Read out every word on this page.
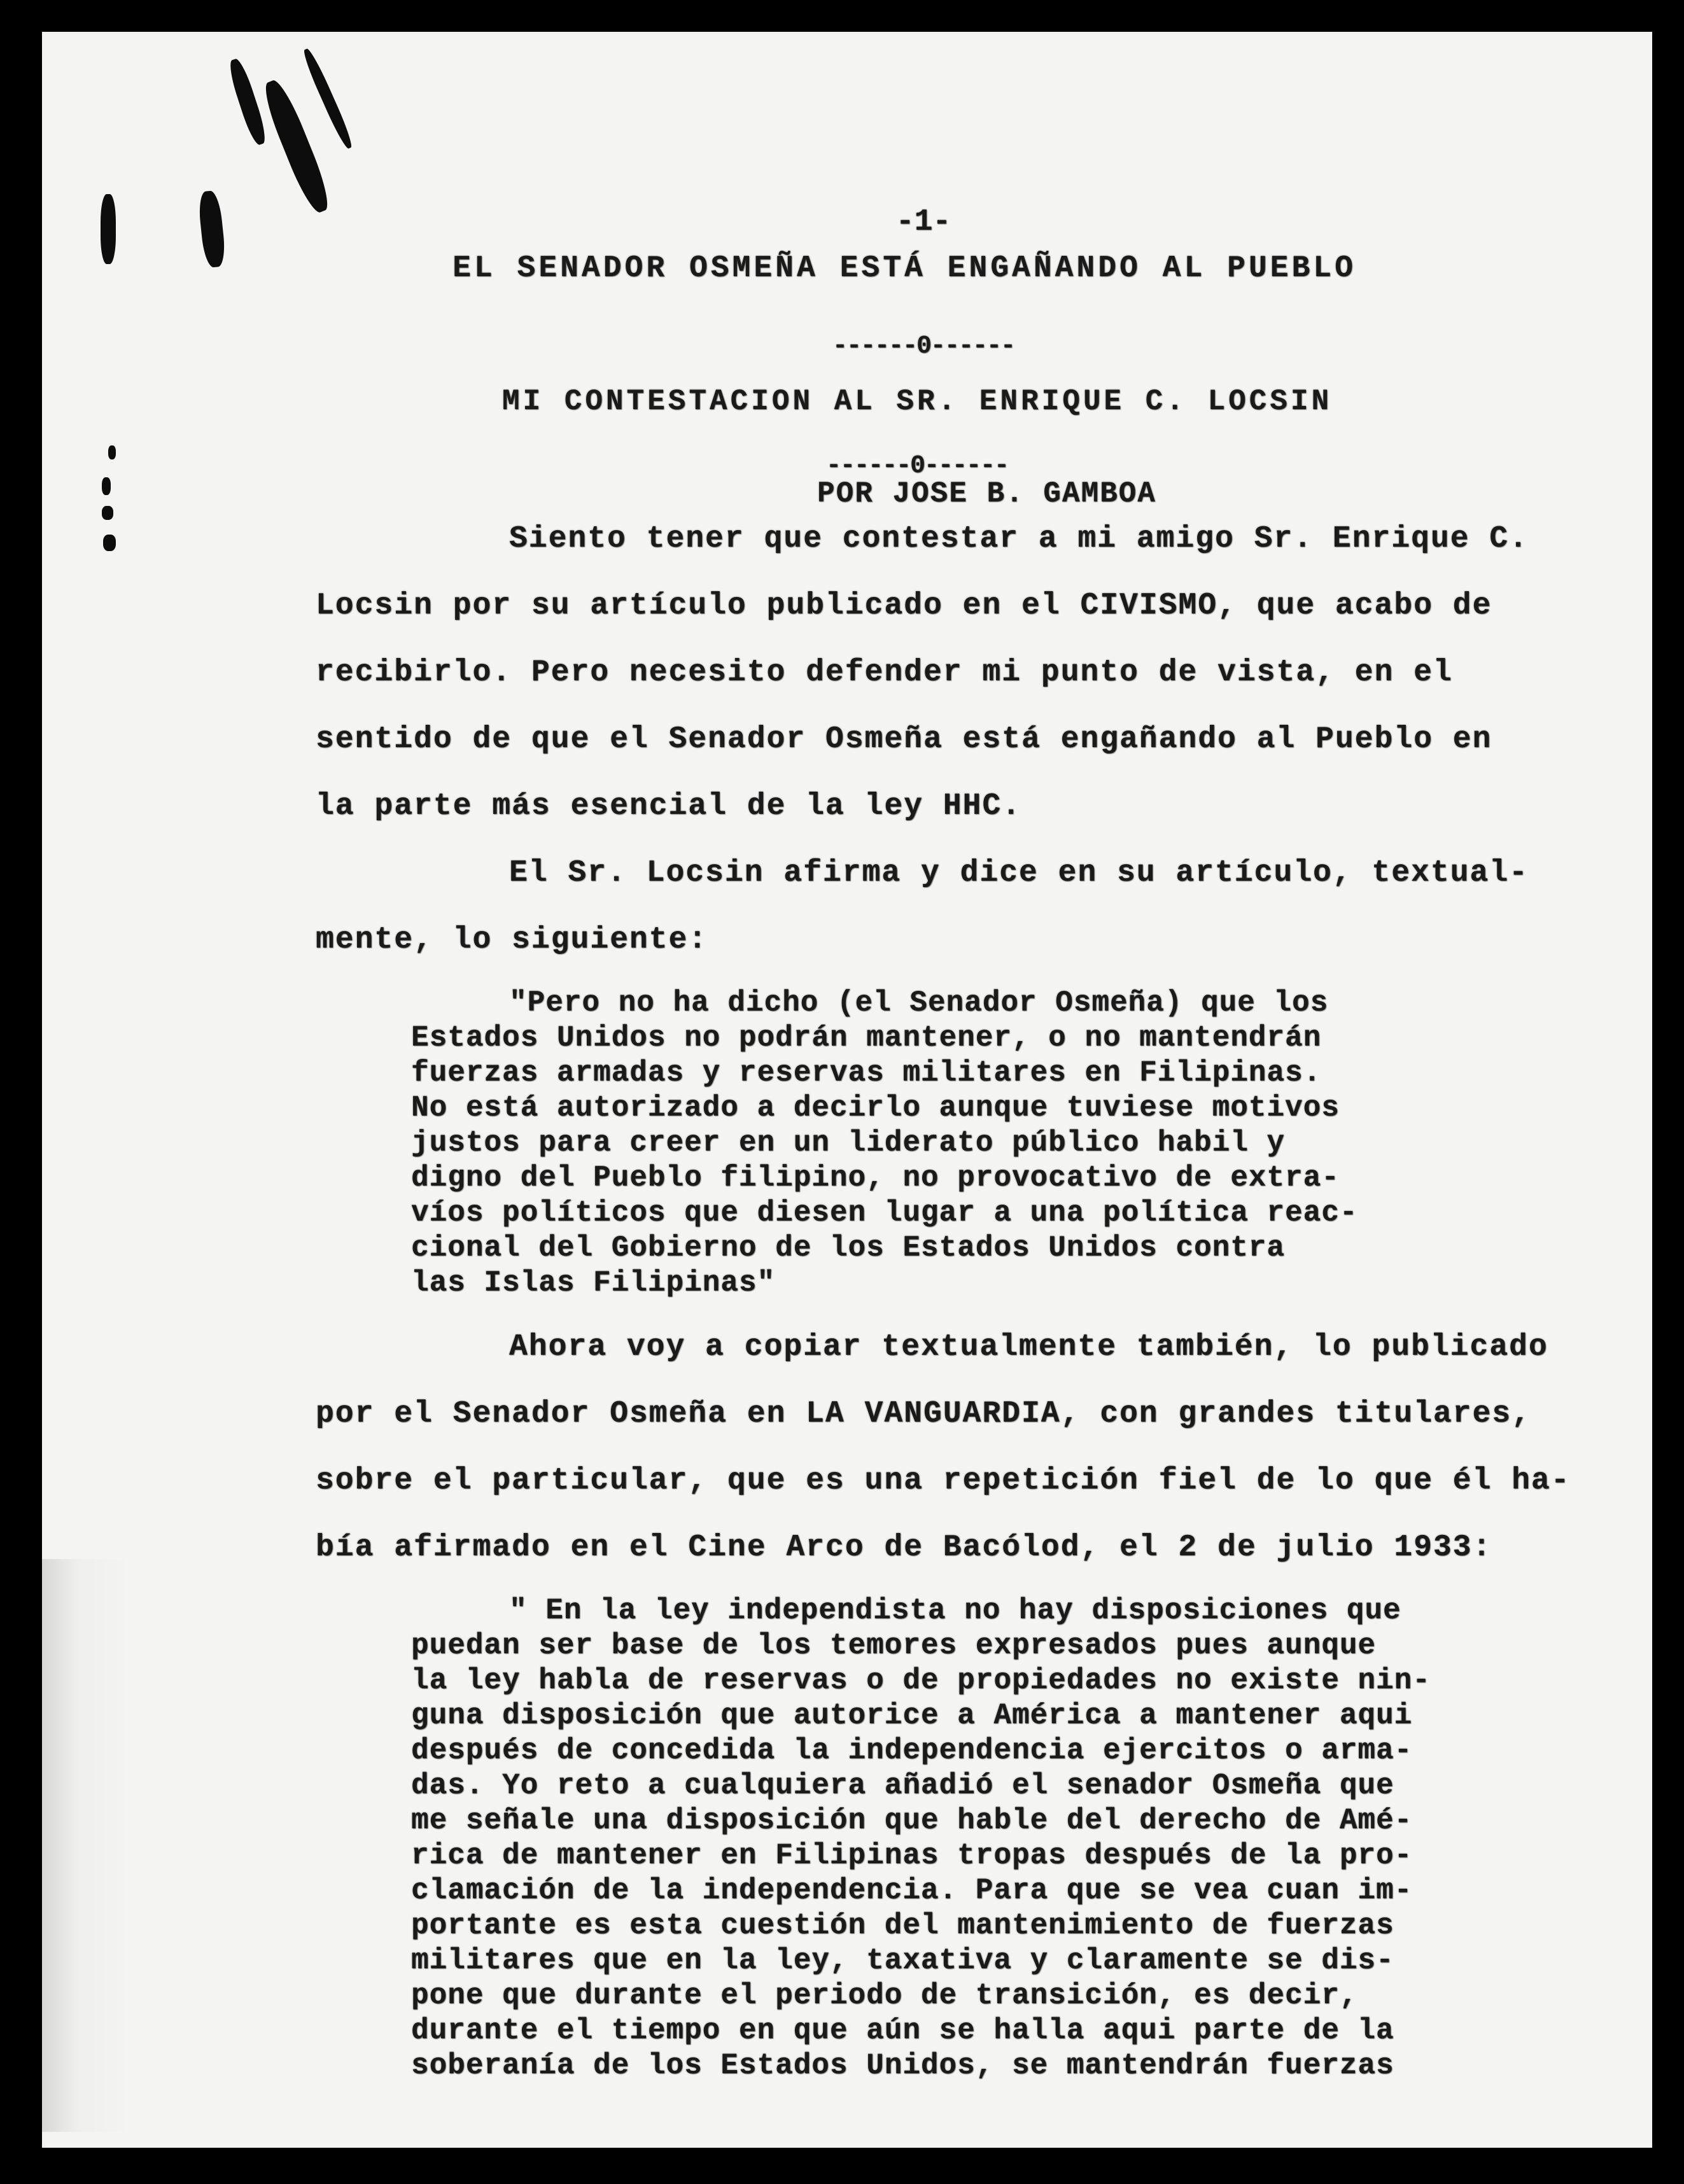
-1-
EL SENADOR OSMEÑA ESTÁ ENGAÑANDO AL PUEBLO
------0------
MI CONTESTACION AL SR. ENRIQUE C. LOCSIN
------0------
POR JOSE B. GAMBOA
Siento tener que contestar a mi amigo Sr. Enrique C.
Locsin por su artículo publicado en el CIVISMO, que acabo de
recibirlo. Pero necesito defender mi punto de vista, en el
sentido de que el Senador Osmeña está engañando al Pueblo en
la parte más esencial de la ley HHC.
El Sr. Locsin afirma y dice en su artículo, textual-
mente, lo siguiente:
"Pero no ha dicho (el Senador Osmeña) que los
Estados Unidos no podrán mantener, o no mantendrán
fuerzas armadas y reservas militares en Filipinas.
No está autorizado a decirlo aunque tuviese motivos
justos para creer en un liderato público habil y
digno del Pueblo filipino, no provocativo de extra-
víos políticos que diesen lugar a una política reac-
cional del Gobierno de los Estados Unidos contra
las Islas Filipinas"
Ahora voy a copiar textualmente también, lo publicado
por el Senador Osmeña en LA VANGUARDIA, con grandes titulares,
sobre el particular, que es una repetición fiel de lo que él ha-
bía afirmado en el Cine Arco de Bacólod, el 2 de julio 1933:
" En la ley independista no hay disposiciones que
puedan ser base de los temores expresados pues aunque
la ley habla de reservas o de propiedades no existe nin-
guna disposición que autorice a América a mantener aqui
después de concedida la independencia ejercitos o arma-
das. Yo reto a cualquiera añadió el senador Osmeña que
me señale una disposición que hable del derecho de Amé-
rica de mantener en Filipinas tropas después de la pro-
clamación de la independencia. Para que se vea cuan im-
portante es esta cuestión del mantenimiento de fuerzas
militares que en la ley, taxativa y claramente se dis-
pone que durante el periodo de transición, es decir,
durante el tiempo en que aún se halla aqui parte de la
soberanía de los Estados Unidos, se mantendrán fuerzas
